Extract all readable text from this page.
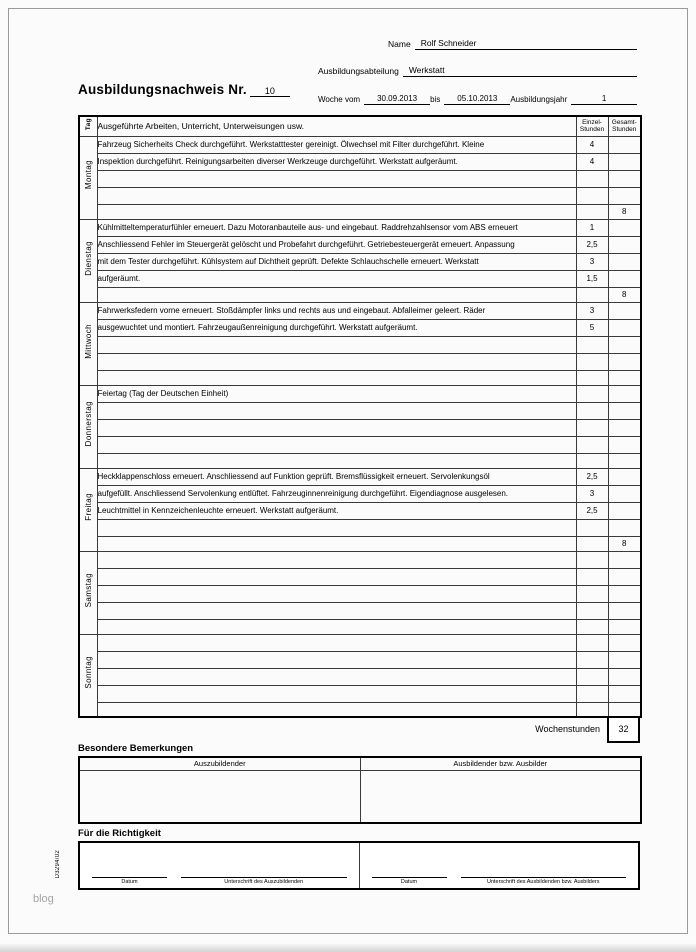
Name	Rolf Schneider
Ausbildungsabteilung	Werkstatt
Ausbildungsnachweis Nr.	10
Woche vom	30.09.2013	bis	05.10.2013	Ausbildungsjahr	1
Tag	Ausgeführte Arbeiten, Unterricht, Unterweisungen usw.	Einzel-Stunden	Gesamt-Stunden
Montag	Fahrzeug Sicherheits Check durchgeführt. Werkstatttester gereinigt. Ölwechsel mit Filter durchgeführt. Kleine	4	
	Inspektion durchgeführt. Reinigungsarbeiten diverser Werkzeuge durchgeführt. Werkstatt aufgeräumt.	4	

			8
Dienstag	Kühlmitteltemperaturfühler erneuert. Dazu Motoranbauteile aus- und eingebaut. Raddrehzahlsensor vom ABS erneuert	1	
	Anschliessend Fehler im Steuergerät gelöscht und Probefahrt durchgeführt. Getriebesteuergerät erneuert. Anpassung	2,5	
	mit dem Tester durchgeführt. Kühlsystem auf Dichtheit geprüft. Defekte Schlauchschelle erneuert. Werkstatt	3	
	aufgeräumt.	1,5	
			8
Mittwoch	Fahrwerksfedern vorne erneuert. Stoßdämpfer links und rechts aus und eingebaut. Abfalleimer geleert. Räder	3	
	ausgewuchtet und montiert. Fahrzeugaußenreinigung durchgeführt. Werkstatt aufgeräumt.	5	

Donnerstag	Feiertag (Tag der Deutschen Einheit)		

Freitag	Heckklappenschloss erneuert. Anschliessend auf Funktion geprüft. Bremsflüssigkeit erneuert. Servolenkungsöl	2,5	
	aufgefüllt. Anschliessend Servolenkung entlüftet. Fahrzeuginnenreinigung durchgeführt. Eigendiagnose ausgelesen.	3	
	Leuchtmittel in Kennzeichenleuchte erneuert. Werkstatt aufgeräumt.	2,5	

			8
Samstag			

Sonntag			

Wochenstunden	32
Besondere Bemerkungen
Auszubildender	Ausbildender bzw. Ausbilder

Für die Richtigkeit
Datum	Unterschrift des Auszubildenden	Datum	Unterschrift des Ausbildenden bzw. Ausbilders
D3294/02
blog
